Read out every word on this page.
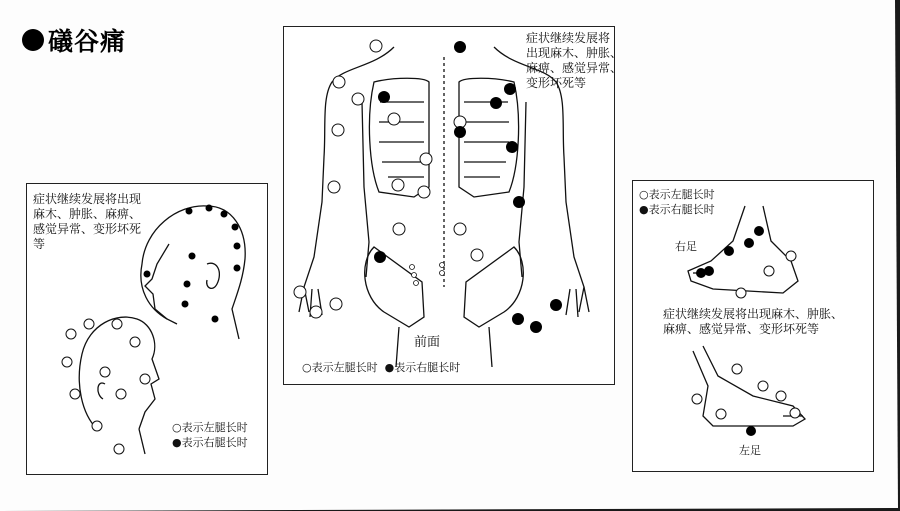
礒谷痛
症状继续发展将出现
麻木、肿胀、麻痹、
感觉异常、变形坏死
等
○表示左腿长时
●表示右腿长时
症状继续发展将
出现麻木、肿胀、
麻痹、感觉异常、
变形坏死等
前面
○表示左腿长时  ●表示右腿长时
○表示左腿长时
●表示右腿长时
右足
症状继续发展将出现麻木、肿胀、
麻痹、感觉异常、变形坏死等
左足
